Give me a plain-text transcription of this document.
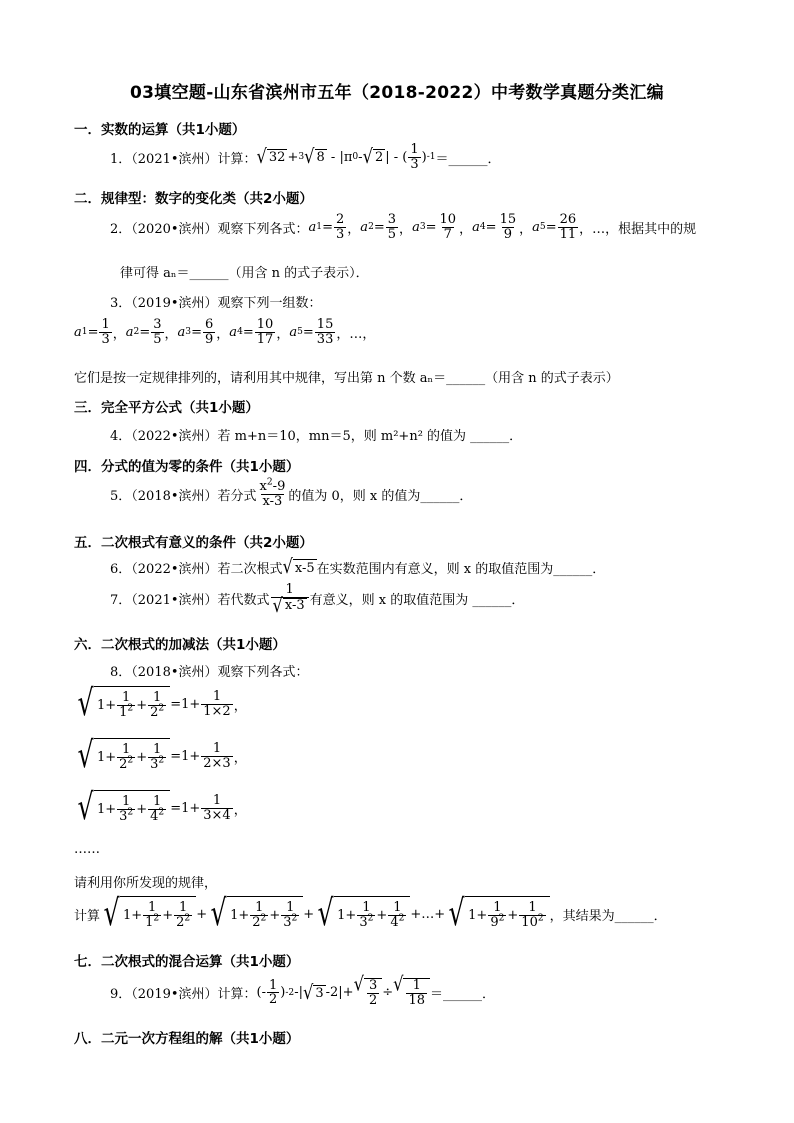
03填空题-山东省滨州市五年（2018-2022）中考数学真题分类汇编
一．实数的运算（共1小题）
1．（2021•滨州）计算： √ 32 + 3 √ 8 - |π 0 - √ 2 | - ( $\frac{1}{3}$ ) -1 ＝______．
二．规律型：数字的变化类（共2小题）
2．（2020•滨州）观察下列各式： a $1 = \frac{2}{3}$ ， a $2 = \frac{3}{5}$ ， a $3 = \frac{10}{7}$ ， a $4 = \frac{15}{9}$ ， a $5 = \frac{26}{11}$ ，…，根据其中的规
律可得 aₙ＝______（用含 n 的式子表示）．
3．（2019•滨州）观察下列一组数：
a $1 = \frac{1}{3}$ ， a $2 = \frac{3}{5}$ ， a $3 = \frac{6}{9}$ ， a $4 = \frac{10}{17}$ ， a $5 = \frac{15}{33}$ ，…，
它们是按一定规律排列的，请利用其中规律，写出第 n 个数 aₙ＝______（用含 n 的式子表示）
三．完全平方公式（共1小题）
4．（2022•滨州）若 m+n＝10，mn＝5，则 m²+n² 的值为 ______．
四．分式的值为零的条件（共1小题）
5．（2018•滨州）若分式 $\frac{x^2-9}{x-3}$ 的值为 0，则 x 的值为______．
五．二次根式有意义的条件（共2小题）
6．（2022•滨州）若二次根式 √ x-5 在实数范围内有意义，则 x 的取值范围为______．
7．（2021•滨州）若代数式 $\frac{1}{√ x-3}$ 有意义，则 x 的取值范围为 ______．
六．二次根式的加减法（共1小题）
8．（2018•滨州）观察下列各式：
√ $1+ \frac{1}{1^2} + \frac{1}{2^2} =1+ \frac{1}{1\times 2}$ ，
√ $1+ \frac{1}{2^2} + \frac{1}{3^2} =1+ \frac{1}{2\times 3}$ ，
√ $1+ \frac{1}{3^2} + \frac{1}{4^2} =1+ \frac{1}{3\times 4}$ ，
……
请利用你所发现的规律，
计算 √ $1+ \frac{1}{1^2} + \frac{1}{2^2}$ + √ $1+ \frac{1}{2^2} + \frac{1}{3^2}$ + √ $1+ \frac{1}{3^2} + \frac{1}{4^2}$ +…+ √ $1+ \frac{1}{9^2} + \frac{1}{10^2}$ ，其结果为______．
七．二次根式的混合运算（共1小题）
9．（2019•滨州）计算： (- $\frac{1}{2}$ ) -2 -| √ 3 -2|+ √ $\frac{3}{2}$ ÷ √ $\frac{1}{18}$ ＝______．
八．二元一次方程组的解（共1小题）
